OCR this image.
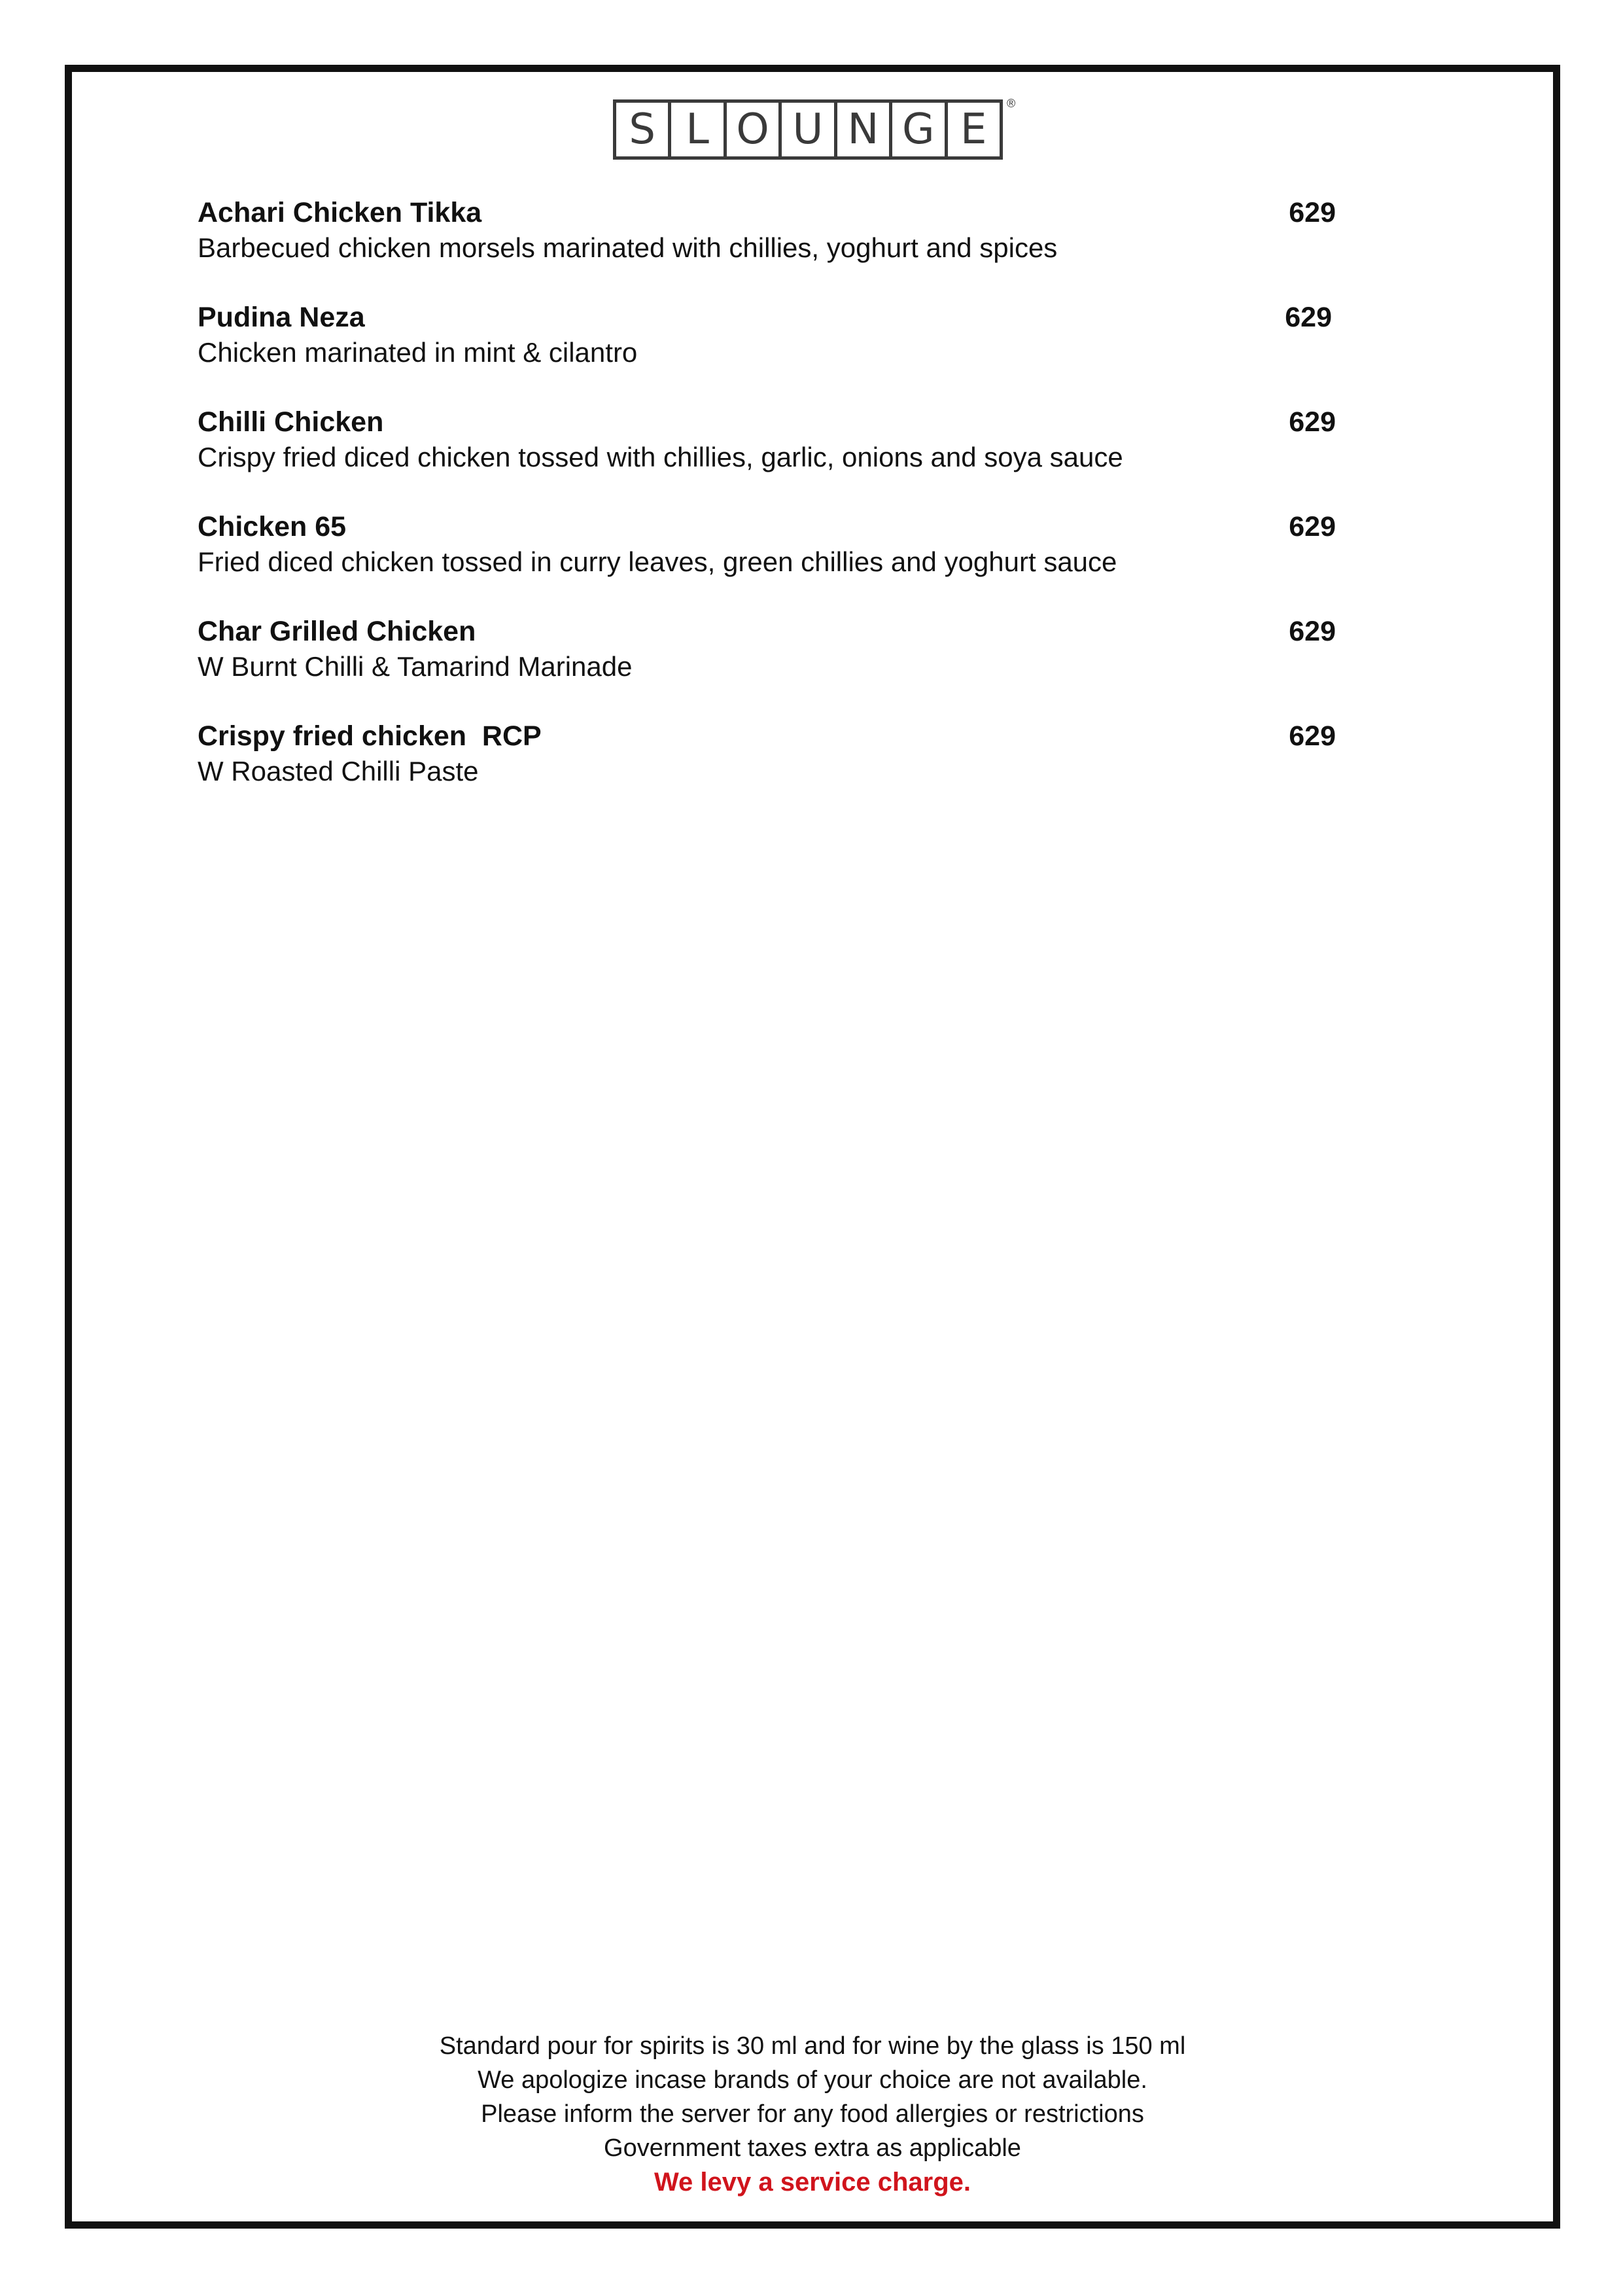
S L O U N G E
®
Achari Chicken Tikka	629
Barbecued chicken morsels marinated with chillies, yoghurt and spices
Pudina Neza	629
Chicken marinated in mint & cilantro
Chilli Chicken	629
Crispy fried diced chicken tossed with chillies, garlic, onions and soya sauce
Chicken 65	629
Fried diced chicken tossed in curry leaves, green chillies and yoghurt sauce
Char Grilled Chicken	629
W Burnt Chilli & Tamarind Marinade
Crispy fried chicken  RCP	629
W Roasted Chilli Paste
Standard pour for spirits is 30 ml and for wine by the glass is 150 ml
We apologize incase brands of your choice are not available.
Please inform the server for any food allergies or restrictions
Government taxes extra as applicable
We levy a service charge.
